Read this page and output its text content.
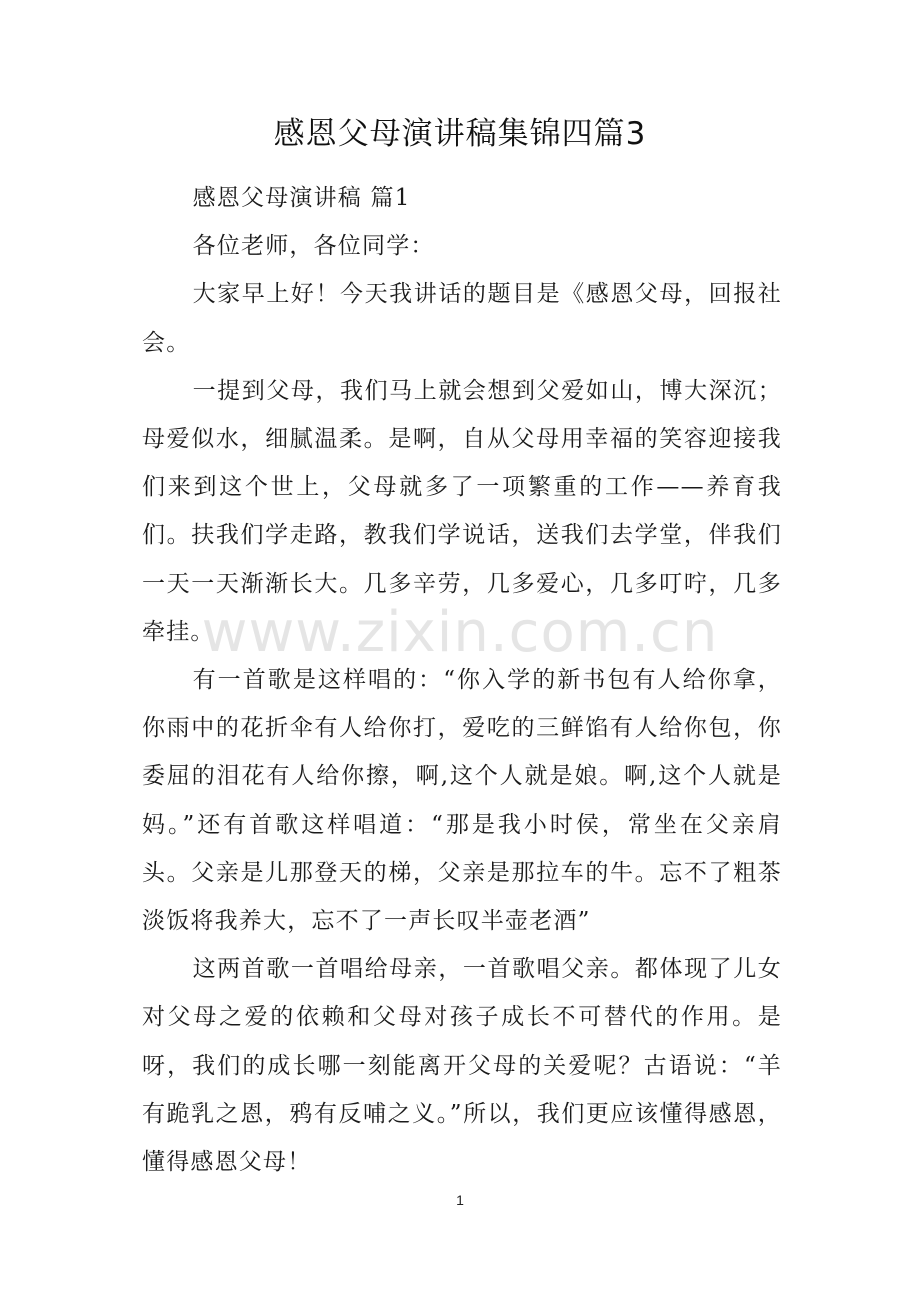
感恩父母演讲稿集锦四篇3

感恩父母演讲稿 篇1

各位老师，各位同学：

大家早上好！今天我讲话的题目是《感恩父母，回报社会。

一提到父母，我们马上就会想到父爱如山，博大深沉；母爱似水，细腻温柔。是啊，自从父母用幸福的笑容迎接我们来到这个世上，父母就多了一项繁重的工作——养育我们。扶我们学走路，教我们学说话，送我们去学堂，伴我们一天一天渐渐长大。几多辛劳，几多爱心，几多叮咛，几多牵挂。

有一首歌是这样唱的：“你入学的新书包有人给你拿，你雨中的花折伞有人给你打，爱吃的三鲜馅有人给你包，你委屈的泪花有人给你擦，啊,这个人就是娘。啊,这个人就是妈。”还有首歌这样唱道：“那是我小时侯，常坐在父亲肩头。父亲是儿那登天的梯，父亲是那拉车的牛。忘不了粗茶淡饭将我养大，忘不了一声长叹半壶老酒”

这两首歌一首唱给母亲，一首歌唱父亲。都体现了儿女对父母之爱的依赖和父母对孩子成长不可替代的作用。是呀，我们的成长哪一刻能离开父母的关爱呢？古语说：“羊有跪乳之恩，鸦有反哺之义。”所以，我们更应该懂得感恩，懂得感恩父母！

www.zixin.com.cn
1
